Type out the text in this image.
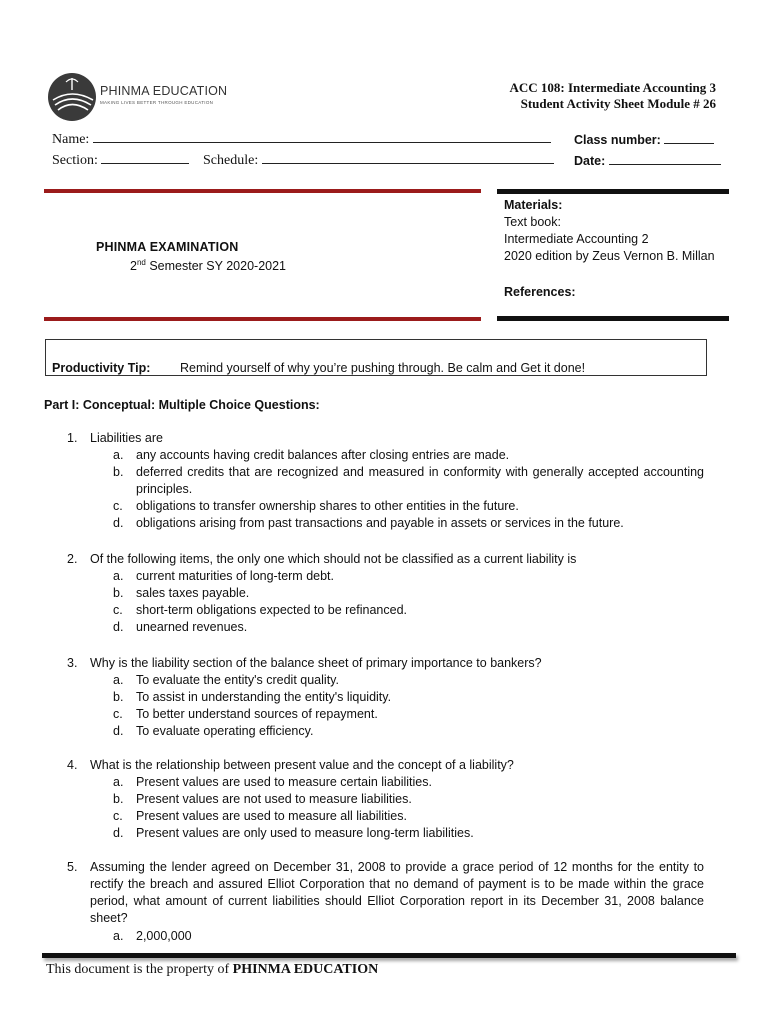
PHINMA EDUCATION
MAKING LIVES BETTER THROUGH EDUCATION
ACC 108: Intermediate Accounting 3
Student Activity Sheet Module # 26
Name:
Section:	Schedule:
Class number:
Date:
PHINMA EXAMINATION
2nd Semester SY 2020-2021
Materials:
Text book:
Intermediate Accounting 2
2020 edition by Zeus Vernon B. Millan
References:
Productivity Tip: Remind yourself of why you’re pushing through. Be calm and Get it done!
Part I: Conceptual: Multiple Choice Questions:
1. Liabilities are
a. any accounts having credit balances after closing entries are made.
b. deferred credits that are recognized and measured in conformity with generally accepted accounting principles.
c. obligations to transfer ownership shares to other entities in the future.
d. obligations arising from past transactions and payable in assets or services in the future.
2. Of the following items, the only one which should not be classified as a current liability is
a. current maturities of long-term debt.
b. sales taxes payable.
c. short-term obligations expected to be refinanced.
d. unearned revenues.
3. Why is the liability section of the balance sheet of primary importance to bankers?
a. To evaluate the entity's credit quality.
b. To assist in understanding the entity's liquidity.
c. To better understand sources of repayment.
d. To evaluate operating efficiency.
4. What is the relationship between present value and the concept of a liability?
a. Present values are used to measure certain liabilities.
b. Present values are not used to measure liabilities.
c. Present values are used to measure all liabilities.
d. Present values are only used to measure long-term liabilities.
5. Assuming the lender agreed on December 31, 2008 to provide a grace period of 12 months for the entity to rectify the breach and assured Elliot Corporation that no demand of payment is to be made within the grace period, what amount of current liabilities should Elliot Corporation report in its December 31, 2008 balance sheet?
a. 2,000,000
This document is the property of PHINMA EDUCATION
